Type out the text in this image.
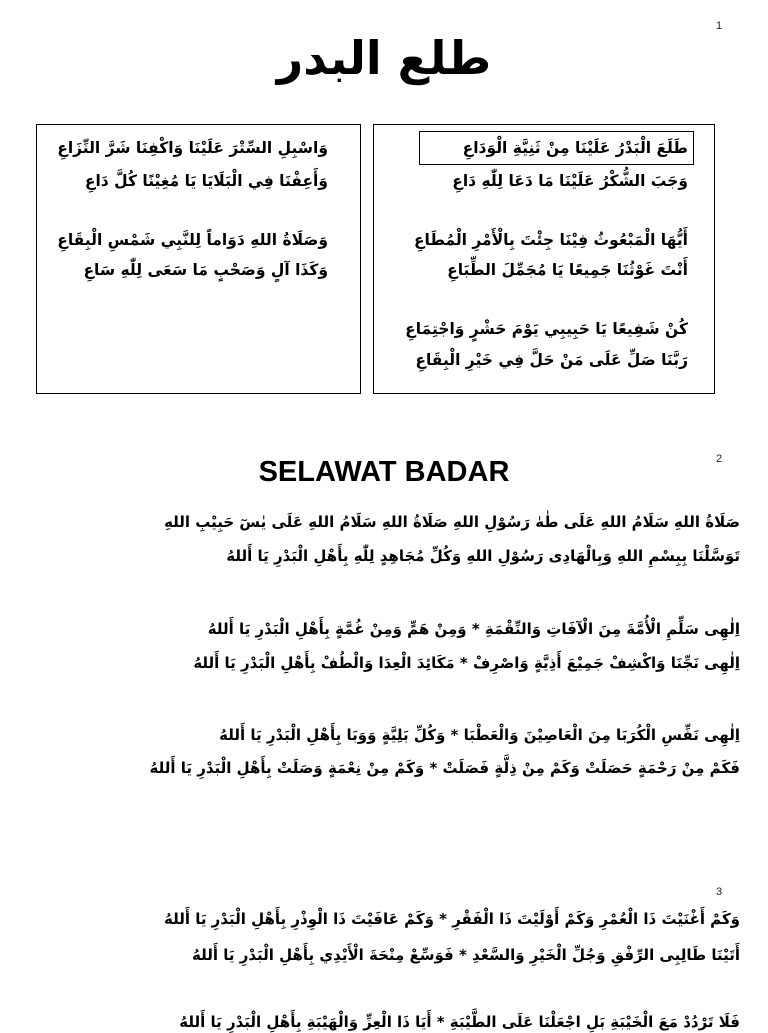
1
2
3
طلع البدر
طَلَعَ الْبَدْرُ عَلَيْنَا مِنْ ثَنِيَّةِ الْوَدَاعِ
وَجَبَ الشُّكْرُ عَلَيْنَا مَا دَعَا لِلّٰهِ دَاعِ
أَيُّهَا الْمَبْعُوثُ فِيْنَا جِئْتَ بِالْأَمْرِ الْمُطَاعِ
أَنْتَ غَوْثُنَا جَمِيعًا يَا مُجَمِّلَ الطِّبَاعِ
كُنْ شَفِيعًا يَا حَبِيبِي يَوْمَ حَشْرٍ وَاجْتِمَاعِ
رَبَّنَا صَلِّ عَلَى مَنْ حَلَّ فِي خَيْرِ الْبِقَاعِ
وَاسْبِلِ السِّتْرَ عَلَيْنَا وَاكْفِنَا شَرَّ النِّزَاعِ
وَأَعِفْنَا فِي الْبَلَايَا يَا مُغِيْنًا كُلَّ دَاعِ
وَصَلَاةُ اللهِ دَوَاماً لِلنَّبِي شَمْسِ الْبِقَاعِ
وَكَذَا آلٍ وَصَحْبٍ مَا سَعَى لِلّٰهِ سَاعِ
SELAWAT BADAR
صَلَاةُ اللهِ سَلَامُ اللهِ عَلَى طٰهٰ رَسُوْلِ اللهِ صَلَاةُ اللهِ سَلَامُ اللهِ عَلَى يٰسٓ حَبِيْبِ اللهِ
تَوَسَّلْنَا بِبِسْمِ اللهِ وَبِالْهَادِى رَسُوْلِ اللهِ وَكُلِّ مُجَاهِدٍ لِلّٰهِ بِأَهْلِ الْبَدْرِ يَا أَللهُ
اِلٰهِى سَلِّمِ الْأُمَّةَ مِنَ الْآفَاتِ وَالنِّقْمَةِ * وَمِنْ هَمٍّ وَمِنْ غُمَّةٍ بِأَهْلِ الْبَدْرِ يَا أَللهُ
اِلٰهِى نَجِّنَا وَاكْشِفْ جَمِيْعَ أَذِيَّةٍ وَاصْرِفْ * مَكَائِدَ الْعِدَا وَالْطُفْ بِأَهْلِ الْبَدْرِ يَا أَللهُ
اِلٰهِى نَفِّسِ الْكُرَبَا مِنَ الْعَاصِيْنَ وَالْعَطْبَا * وَكُلِّ بَلِيَّةٍ وَوَبَا بِأَهْلِ الْبَدْرِ يَا أَللهُ
فَكَمْ مِنْ رَحْمَةٍ حَصَلَتْ وَكَمْ مِنْ ذِلَّةٍ فَصَلَتْ * وَكَمْ مِنْ نِعْمَةٍ وَصَلَتْ بِأَهْلِ الْبَدْرِ يَا أَللهُ
وَكَمْ أَغْنَيْتَ ذَا الْعُمْرِ وَكَمْ أَوْلَيْتَ ذَا الْفَقْرِ * وَكَمْ عَافَيْتَ ذَا الْوِذْرِ بِأَهْلِ الْبَدْرِ يَا أَللهُ
أَتَيْنَا طَالِبِى الرِّفْقِ وَجُلِّ الْخَيْرِ وَالسَّعْدِ * فَوَسِّعْ مِنْحَةَ الْأَيْدِي بِأَهْلِ الْبَدْرِ يَا أَللهُ
فَلَا تَرْدُدْ مَعَ الْخَيْبَةِ بَلِ اجْعَلْنَا عَلَى الطَّيْبَةِ * أَيَا ذَا الْعِزِّ وَالْهَيْبَةِ بِأَهْلِ الْبَدْرِ يَا أَللهُ
